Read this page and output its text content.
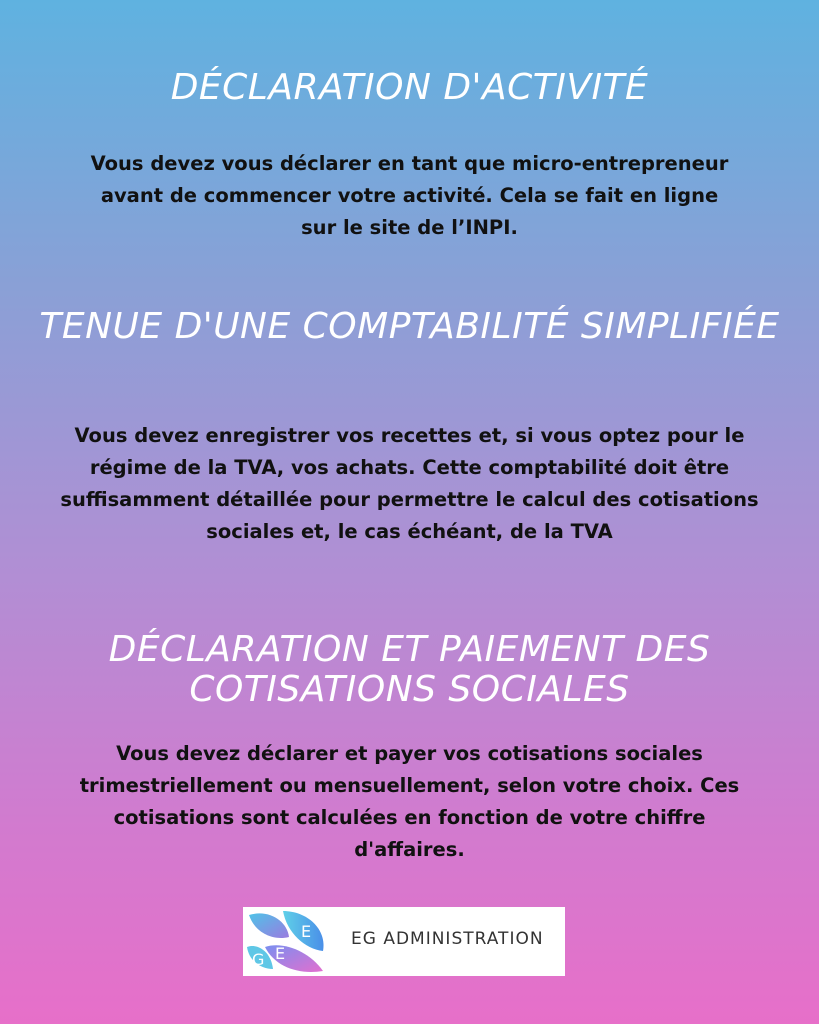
DÉCLARATION D'ACTIVITÉ

Vous devez vous déclarer en tant que micro-entrepreneur avant de commencer votre activité. Cela se fait en ligne sur le site de l’INPI.

TENUE D'UNE COMPTABILITÉ SIMPLIFIÉE

Vous devez enregistrer vos recettes et, si vous optez pour le régime de la TVA, vos achats. Cette comptabilité doit être suffisamment détaillée pour permettre le calcul des cotisations sociales et, le cas échéant, de la TVA

DÉCLARATION ET PAIEMENT DES COTISATIONS SOCIALES

Vous devez déclarer et payer vos cotisations sociales trimestriellement ou mensuellement, selon votre choix. Ces cotisations sont calculées en fonction de votre chiffre d'affaires.

E
G E
EG ADMINISTRATION
